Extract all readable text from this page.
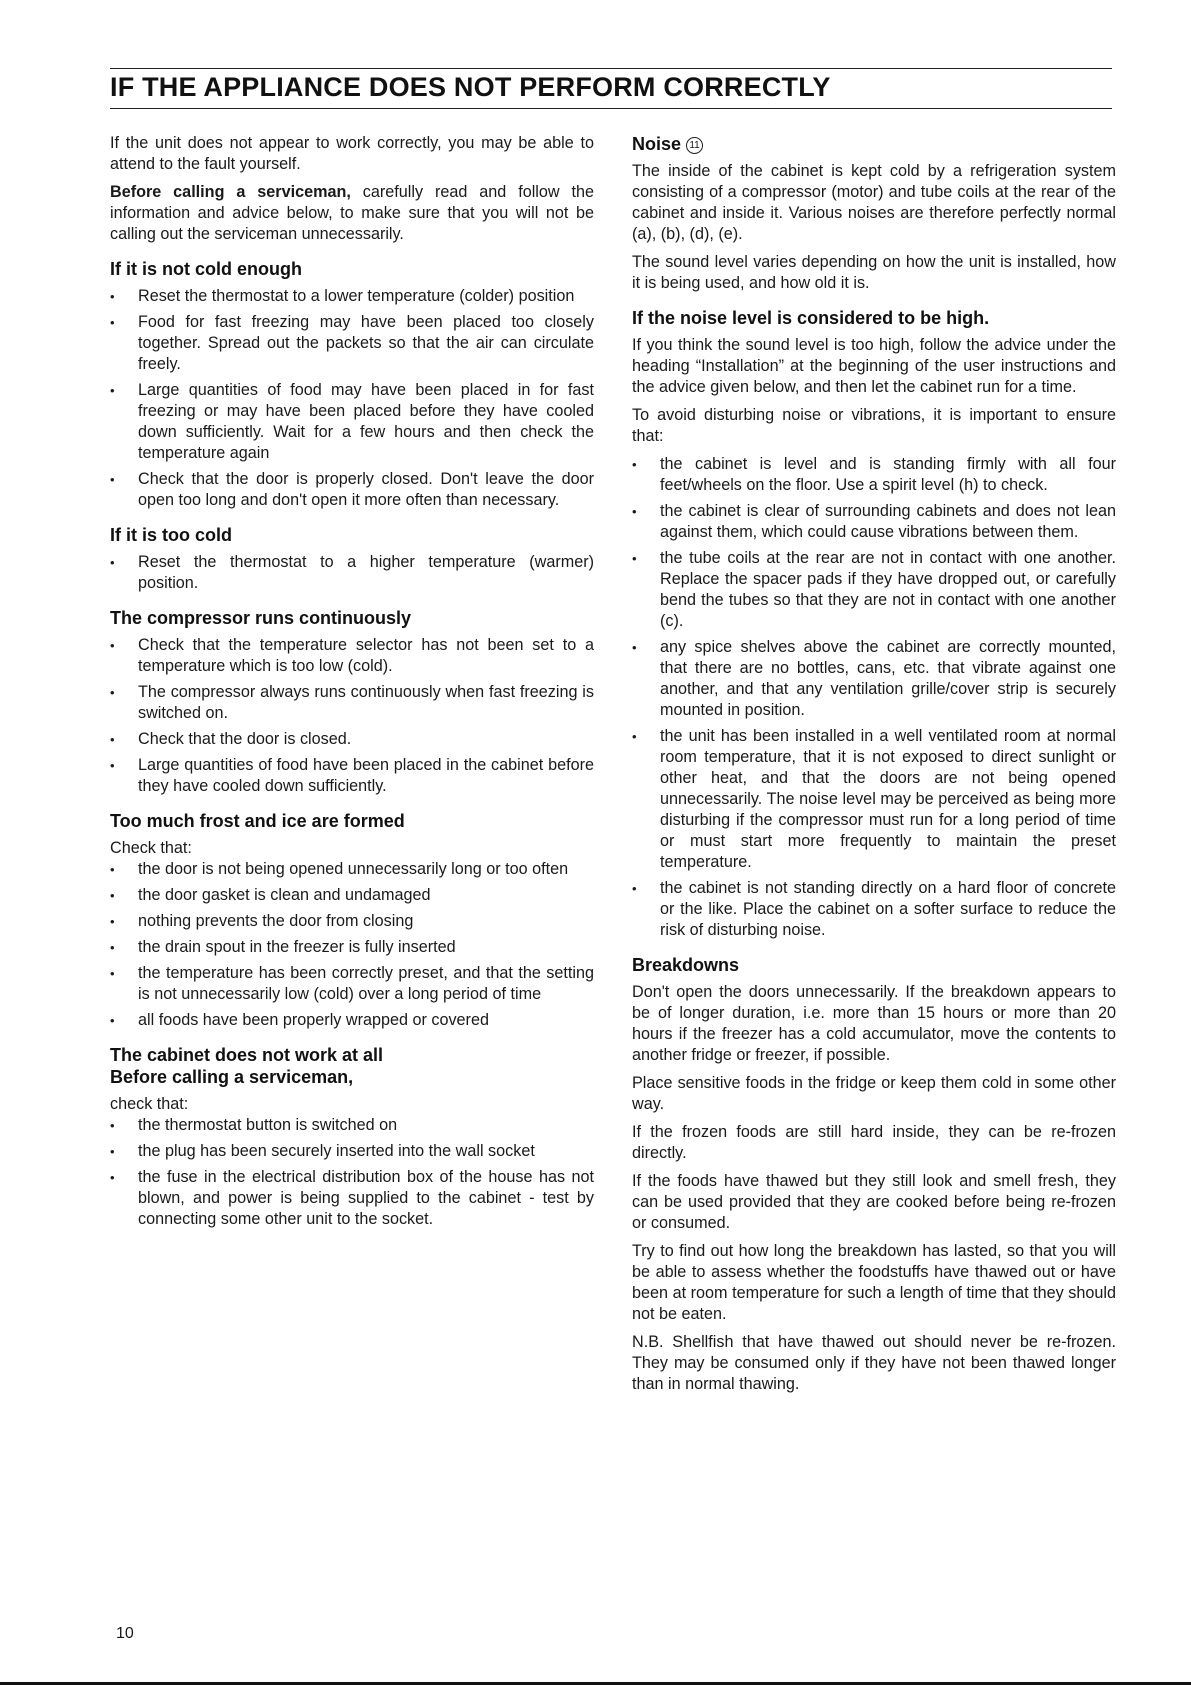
IF THE APPLIANCE DOES NOT PERFORM CORRECTLY

If the unit does not appear to work correctly, you may be able to attend to the fault yourself.

Before calling a serviceman, carefully read and follow the information and advice below, to make sure that you will not be calling out the serviceman unnecessarily.

If it is not cold enough
• Reset the thermostat to a lower temperature (colder) position
• Food for fast freezing may have been placed too closely together. Spread out the packets so that the air can circulate freely.
• Large quantities of food may have been placed in for fast freezing or may have been placed before they have cooled down sufficiently. Wait for a few hours and then check the temperature again
• Check that the door is properly closed. Don't leave the door open too long and don't open it more often than necessary.
If it is too cold
• Reset the thermostat to a higher temperature (warmer) position.
The compressor runs continuously
• Check that the temperature selector has not been set to a temperature which is too low (cold).
• The compressor always runs continuously when fast freezing is switched on.
• Check that the door is closed.
• Large quantities of food have been placed in the cabinet before they have cooled down sufficiently.
Too much frost and ice are formed
Check that:
• the door is not being opened unnecessarily long or too often
• the door gasket is clean and undamaged
• nothing prevents the door from closing
• the drain spout in the freezer is fully inserted
• the temperature has been correctly preset, and that the setting is not unnecessarily low (cold) over a long period of time
• all foods have been properly wrapped or covered
The cabinet does not work at all
Before calling a serviceman,
check that:
• the thermostat button is switched on
• the plug has been securely inserted into the wall socket
• the fuse in the electrical distribution box of the house has not blown, and power is being supplied to the cabinet - test by connecting some other unit to the socket.
Noise 11

The inside of the cabinet is kept cold by a refrigeration system consisting of a compressor (motor) and tube coils at the rear of the cabinet and inside it. Various noises are therefore perfectly normal (a), (b), (d), (e).

The sound level varies depending on how the unit is installed, how it is being used, and how old it is.

If the noise level is considered to be high.

If you think the sound level is too high, follow the advice under the heading “Installation” at the beginning of the user instructions and the advice given below, and then let the cabinet run for a time.

To avoid disturbing noise or vibrations, it is important to ensure that:

• the cabinet is level and is standing firmly with all four feet/wheels on the floor. Use a spirit level (h) to check.
• the cabinet is clear of surrounding cabinets and does not lean against them, which could cause vibrations between them.
• the tube coils at the rear are not in contact with one another. Replace the spacer pads if they have dropped out, or carefully bend the tubes so that they are not in contact with one another (c).
• any spice shelves above the cabinet are correctly mounted, that there are no bottles, cans, etc. that vibrate against one another, and that any ventilation grille/cover strip is securely mounted in position.
• the unit has been installed in a well ventilated room at normal room temperature, that it is not exposed to direct sunlight or other heat, and that the doors are not being opened unnecessarily. The noise level may be perceived as being more disturbing if the compressor must run for a long period of time or must start more frequently to maintain the preset temperature.
• the cabinet is not standing directly on a hard floor of concrete or the like. Place the cabinet on a softer surface to reduce the risk of disturbing noise.
Breakdowns

Don't open the doors unnecessarily. If the breakdown appears to be of longer duration, i.e. more than 15 hours or more than 20 hours if the freezer has a cold accumulator, move the contents to another fridge or freezer, if possible.

Place sensitive foods in the fridge or keep them cold in some other way.

If the frozen foods are still hard inside, they can be re-frozen directly.

If the foods have thawed but they still look and smell fresh, they can be used provided that they are cooked before being re-frozen or consumed.

Try to find out how long the breakdown has lasted, so that you will be able to assess whether the foodstuffs have thawed out or have been at room temperature for such a length of time that they should not be eaten.

N.B. Shellfish that have thawed out should never be re-frozen. They may be consumed only if they have not been thawed longer than in normal thawing.

10
